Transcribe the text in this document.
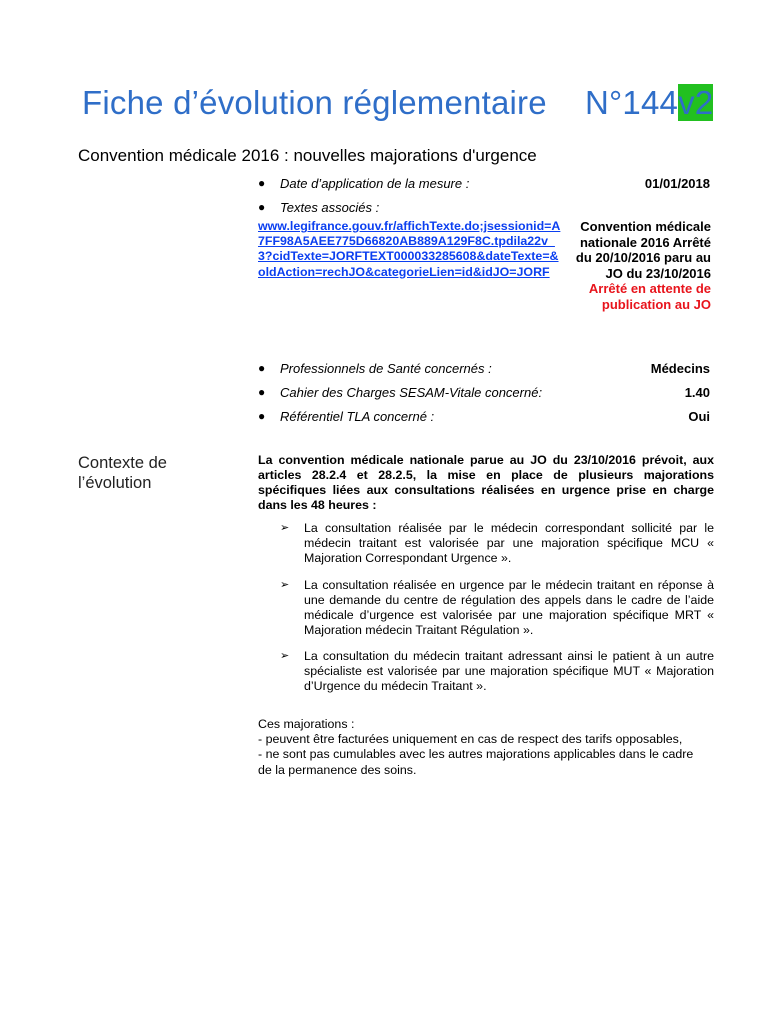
Fiche d’évolution réglementaire N°144v2
Convention médicale 2016 : nouvelles majorations d'urgence
● Date d’application de la mesure :	01/01/2018
● Textes associés :
www.legifrance.gouv.fr/affichTexte.do;jsessionid=A7FF98A5AEE775D66820AB889A129F8C.tpdila22v_3?cidTexte=JORFTEXT000033285608&dateTexte=&oldAction=rechJO&categorieLien=id&idJO=JORF
Convention médicale nationale 2016 Arrêté du 20/10/2016 paru au JO du 23/10/2016
Arrêté en attente de publication au JO
● Professionnels de Santé concernés :	Médecins
● Cahier des Charges SESAM-Vitale concerné:	1.40
● Référentiel TLA concerné :	Oui
Contexte de l’évolution
La convention médicale nationale parue au JO du 23/10/2016 prévoit, aux articles 28.2.4 et 28.2.5, la mise en place de plusieurs majorations spécifiques liées aux consultations réalisées en urgence prise en charge dans les 48 heures :
➢ La consultation réalisée par le médecin correspondant sollicité par le médecin traitant est valorisée par une majoration spécifique MCU « Majoration Correspondant Urgence ».
➢ La consultation réalisée en urgence par le médecin traitant en réponse à une demande du centre de régulation des appels dans le cadre de l’aide médicale d’urgence est valorisée par une majoration spécifique MRT « Majoration médecin Traitant Régulation ».
➢ La consultation du médecin traitant adressant ainsi le patient à un autre spécialiste est valorisée par une majoration spécifique MUT « Majoration d’Urgence du médecin Traitant ».
Ces majorations :
- peuvent être facturées uniquement en cas de respect des tarifs opposables,
- ne sont pas cumulables avec les autres majorations applicables dans le cadre
de la permanence des soins.
